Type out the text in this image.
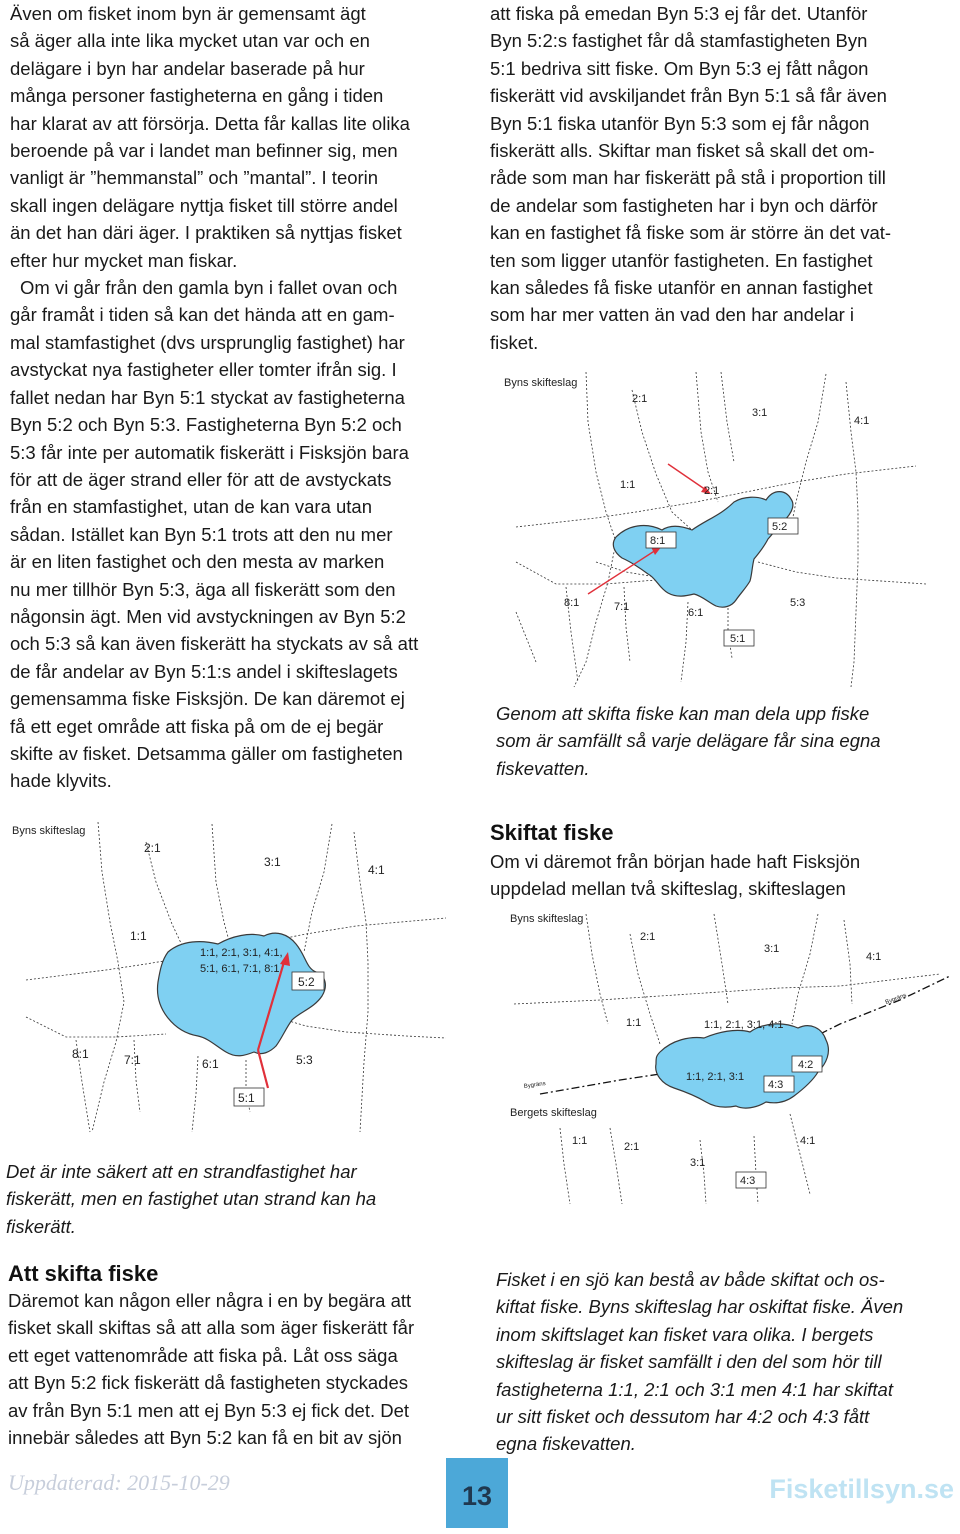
Även om fisket inom byn är gemensamt ägt

så äger alla inte lika mycket utan var och en

delägare i byn har andelar baserade på hur

många personer fastigheterna en gång i tiden

har klarat av att försörja. Detta får kallas lite olika

beroende på var i landet man befinner sig, men

vanligt är ”hemmanstal” och ”mantal”. I teorin

skall ingen delägare nyttja fisket till större andel

än det han däri äger. I praktiken så nyttjas fisket

efter hur mycket man fiskar.

Om vi går från den gamla byn i fallet ovan och

går framåt i tiden så kan det hända att en gam-

mal stamfastighet (dvs ursprunglig fastighet) har

avstyckat nya fastigheter eller tomter ifrån sig. I

fallet nedan har Byn 5:1 styckat av fastigheterna

Byn 5:2 och Byn 5:3. Fastigheterna Byn 5:2 och

5:3 får inte per automatik fiskerätt i Fisksjön bara

för att de äger strand eller för att de avstyckats

från en stamfastighet, utan de kan vara utan

sådan. Istället kan Byn 5:1 trots att den nu mer

är en liten fastighet och den mesta av marken

nu mer tillhör Byn 5:3, äga all fiskerätt som den

någonsin ägt. Men vid avstyckningen av Byn 5:2

och 5:3 så kan även fiskerätt ha styckats av så att

de får andelar av Byn 5:1:s andel i skifteslagets

gemensamma fiske Fisksjön. De kan däremot ej

få ett eget område att fiska på om de ej begär

skifte av fisket. Detsamma gäller om fastigheten

hade klyvits.

att fiska på emedan Byn 5:3 ej får det. Utanför

Byn 5:2:s fastighet får då stamfastigheten Byn

5:1 bedriva sitt fiske. Om Byn 5:3 ej fått någon

fiskerätt vid avskiljandet från Byn 5:1 så får även

Byn 5:1 fiska utanför Byn 5:3 som ej får någon

fiskerätt alls. Skiftar man fisket så skall det om-

råde som man har fiskerätt på stå i proportion till

de andelar som fastigheten har i byn och därför

kan en fastighet få fiske som är större än det vat-

ten som ligger utanför fastigheten. En fastighet

kan således få fiske utanför en annan fastighet

som har mer vatten än vad den har andelar i

fisket.

Byns skifteslag
2:1
3:1
4:1
1:1	2:1
5:2
8:1
8:1	7:1	6:1
5:3
5:1
Genom att skifta fiske kan man dela upp fiske
som är samfällt så varje delägare får sina egna
fiskevatten.
Byns skifteslag
2:1
3:1
4:1
1:1
1:1, 2:1, 3:1, 4:1,
5:1, 6:1, 7:1, 8:1
5:2
8:1	7:1	6:1	5:3
5:1
Det är inte säkert att en strandfastighet har
fiskerätt, men en fastighet utan strand kan ha
fiskerätt.
Att skifta fiske
Däremot kan någon eller några i en by begära att
fisket skall skiftas så att alla som äger fiskerätt får
ett eget vattenområde att fiska på. Låt oss säga
att Byn 5:2 fick fiskerätt då fastigheten styckades
av från Byn 5:1 men att ej Byn 5:3 ej fick det. Det
innebär således att Byn 5:2 kan få en bit av sjön
Skiftat fiske
Om vi däremot från början hade haft Fisksjön
uppdelad mellan två skifteslag, skifteslagen
Byns skifteslag
Bergets skifteslag
Bygräns
Bygräns
2:1
3:1
4:1
1:1	1:1, 2:1, 3:1, 4:1
4:2
1:1, 2:1, 3:1
4:3
1:1	2:1
3:1
4:1
4:3
Fisket i en sjö kan bestå av både skiftat och os-
kiftat fiske. Byns skifteslag har oskiftat fiske. Även
inom skiftslaget kan fisket vara olika. I bergets
skifteslag är fisket samfällt i den del som hör till
fastigheterna 1:1, 2:1 och 3:1 men 4:1 har skiftat
ur sitt fisket och dessutom har 4:2 och 4:3 fått
egna fiskevatten.
Uppdaterad: 2015-10-29	13	Fisketillsyn.se
